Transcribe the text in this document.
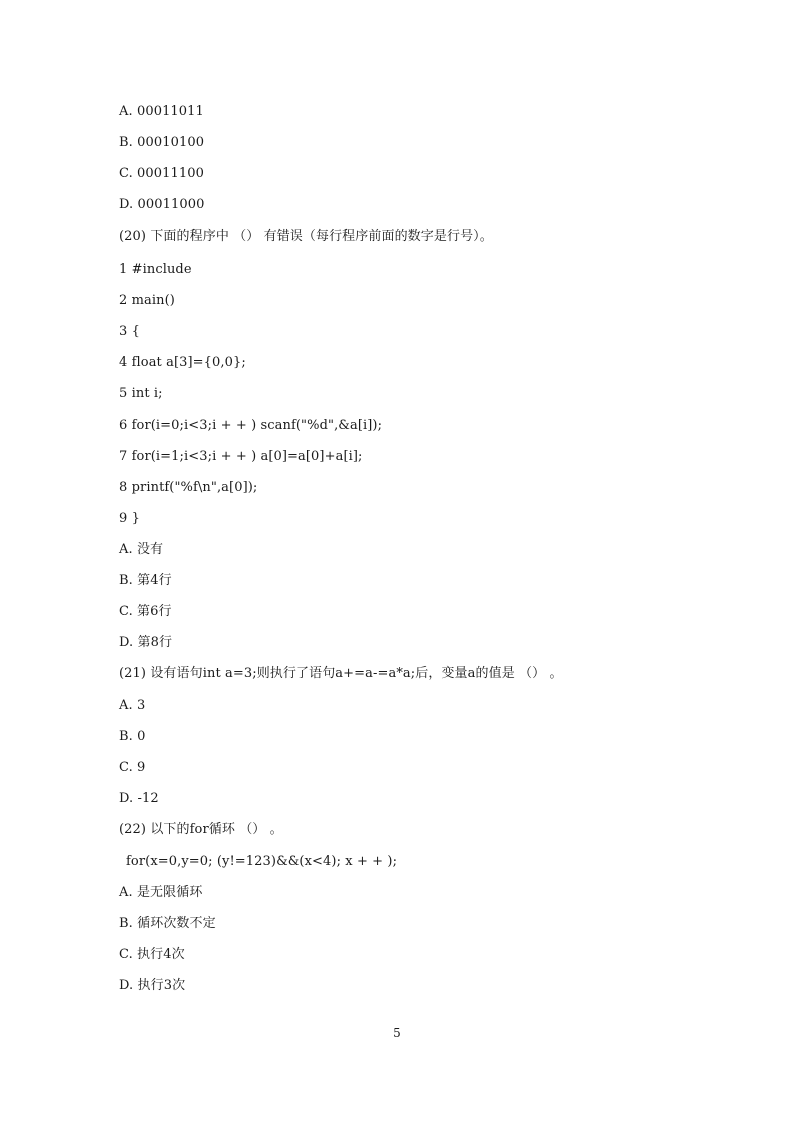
A. 00011011
B. 00010100
C. 00011100
D. 00011000
(20) 下面的程序中 （） 有错误（每行程序前面的数字是行号）。
1 #include
2 main()
3 {
4 float a[3]={0,0};
5 int i;
6 for(i=0;i<3;i + + ) scanf("%d",&a[i]);
7 for(i=1;i<3;i + + ) a[0]=a[0]+a[i];
8 printf("%f\n",a[0]);
9 }
A. 没有
B. 第4行
C. 第6行
D. 第8行
(21) 设有语句int a=3;则执行了语句a+=a-=a*a;后，变量a的值是 （） 。
A. 3
B. 0
C. 9
D. -12
(22) 以下的for循环 （） 。
for(x=0,y=0; (y!=123)&&(x<4); x + + );
A. 是无限循环
B. 循环次数不定
C. 执行4次
D. 执行3次
5
